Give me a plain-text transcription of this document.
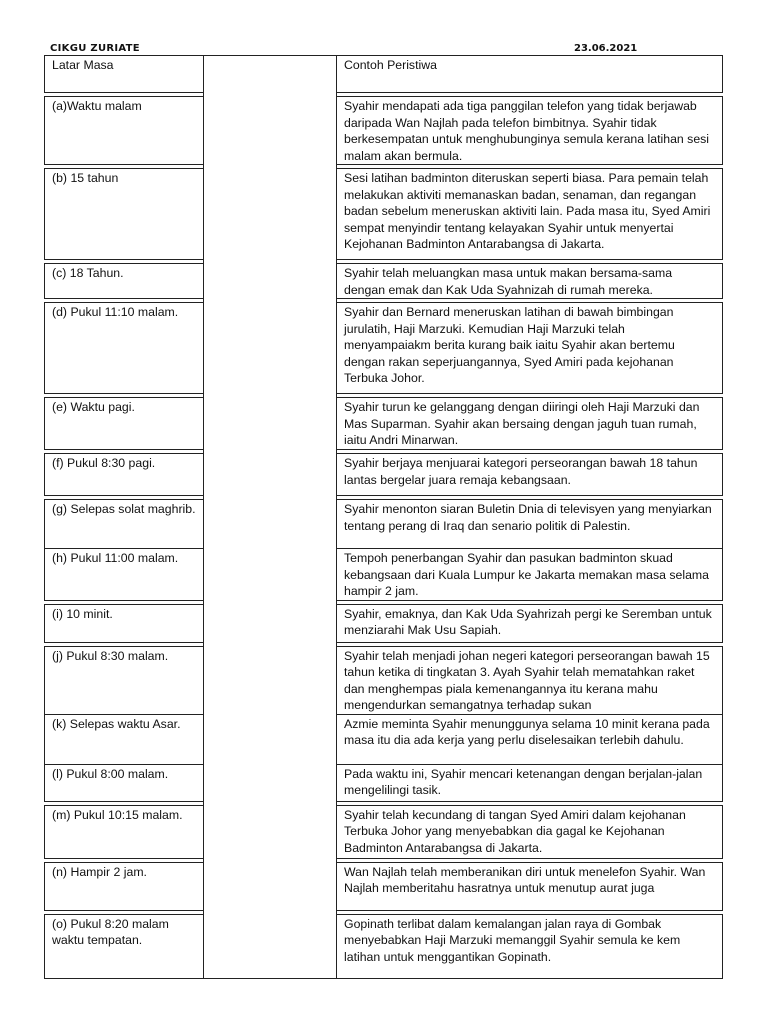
CIKGU ZURIATE	23.06.2021
Latar Masa		Contoh Peristiwa

(a)Waktu malam		Syahir mendapati ada tiga panggilan telefon yang tidak berjawab daripada Wan Najlah pada telefon bimbitnya. Syahir tidak berkesempatan untuk menghubunginya semula kerana latihan sesi malam akan bermula.

(b) 15 tahun		Sesi latihan badminton diteruskan seperti biasa. Para pemain telah melakukan aktiviti memanaskan badan, senaman, dan regangan badan sebelum meneruskan aktiviti lain. Pada masa itu, Syed Amiri sempat menyindir tentang kelayakan Syahir untuk menyertai Kejohanan Badminton Antarabangsa di Jakarta.

(c) 18 Tahun.		Syahir telah meluangkan masa untuk makan bersama-sama dengan emak dan Kak Uda Syahnizah di rumah mereka.

(d) Pukul 11:10 malam.		Syahir dan Bernard meneruskan latihan di bawah bimbingan jurulatih, Haji Marzuki. Kemudian Haji Marzuki telah menyampaiakm berita kurang baik iaitu Syahir akan bertemu dengan rakan seperjuangannya, Syed Amiri pada kejohanan Terbuka Johor.

(e) Waktu pagi.		Syahir turun ke gelanggang dengan diiringi oleh Haji Marzuki dan Mas Suparman. Syahir akan bersaing dengan jaguh tuan rumah, iaitu Andri Minarwan.

(f) Pukul 8:30 pagi.		Syahir berjaya menjuarai kategori perseorangan bawah 18 tahun lantas bergelar juara remaja kebangsaan.

(g) Selepas solat maghrib.		Syahir menonton siaran Buletin Dnia di televisyen yang menyiarkan tentang perang di Iraq dan senario politik di Palestin.
(h) Pukul 11:00 malam.		Tempoh penerbangan Syahir dan pasukan badminton skuad kebangsaan dari Kuala Lumpur ke Jakarta memakan masa selama hampir 2 jam.

(i) 10 minit.		Syahir, emaknya, dan Kak Uda Syahrizah pergi ke Seremban untuk menziarahi Mak Usu Sapiah.

(j) Pukul 8:30 malam.		Syahir telah menjadi johan negeri kategori perseorangan bawah 15 tahun ketika di tingkatan 3. Ayah Syahir telah mematahkan raket dan menghempas piala kemenangannya itu kerana mahu mengendurkan semangatnya terhadap sukan
(k) Selepas waktu Asar.		Azmie meminta Syahir menunggunya selama 10 minit kerana pada masa itu dia ada kerja yang perlu diselesaikan terlebih dahulu.
(l) Pukul 8:00 malam.		Pada waktu ini, Syahir mencari ketenangan dengan berjalan-jalan mengelilingi tasik.

(m) Pukul 10:15 malam.		Syahir telah kecundang di tangan Syed Amiri dalam kejohanan Terbuka Johor yang menyebabkan dia gagal ke Kejohanan Badminton Antarabangsa di Jakarta.

(n) Hampir 2 jam.		Wan Najlah telah memberanikan diri untuk menelefon Syahir. Wan Najlah memberitahu hasratnya untuk menutup aurat juga

(o) Pukul 8:20 malam waktu tempatan.		Gopinath terlibat dalam kemalangan jalan raya di Gombak menyebabkan Haji Marzuki memanggil Syahir semula ke kem latihan untuk menggantikan Gopinath.
